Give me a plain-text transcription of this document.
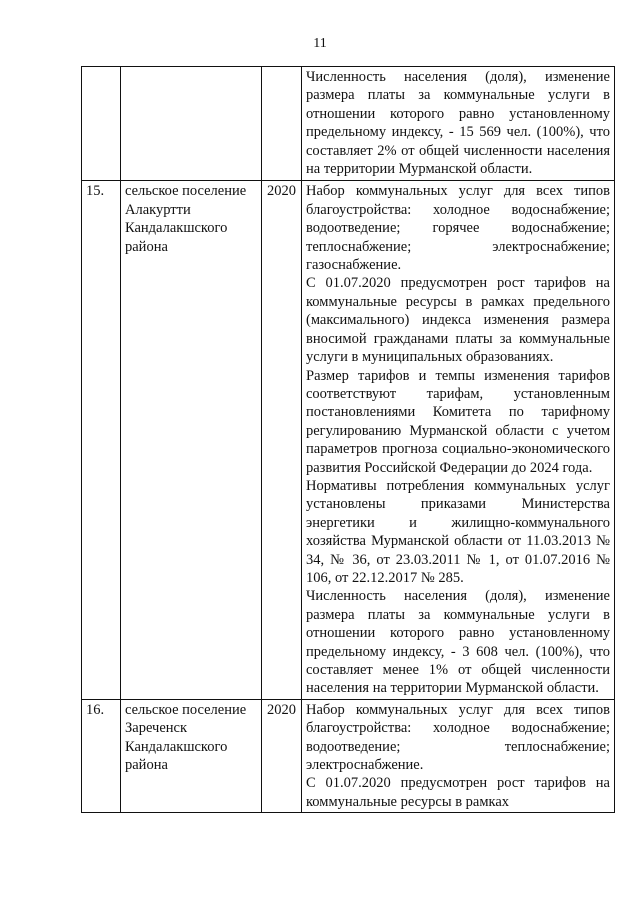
11

			Численность населения (доля), изменение размера платы за коммунальные услуги в отношении которого равно установленному предельному индексу, - 15 569 чел. (100%), что составляет 2% от общей численности населения на территории Мурманской области.

15.	сельское поселение Алакуртти Кандалакшского района	2020	Набор коммунальных услуг для всех типов благоустройства: холодное водоснабжение; водоотведение; горячее водоснабжение; теплоснабжение; электроснабжение; газоснабжение.
С 01.07.2020 предусмотрен рост тарифов на коммунальные ресурсы в рамках предельного (максимального) индекса изменения размера вносимой гражданами платы за коммунальные услуги в муниципальных образованиях.
Размер тарифов и темпы изменения тарифов соответствуют тарифам, установленным постановлениями Комитета по тарифному регулированию Мурманской области с учетом параметров прогноза социально-экономического развития Российской Федерации до 2024 года.
Нормативы потребления коммунальных услуг установлены приказами Министерства энергетики и жилищно-коммунального хозяйства Мурманской области от 11.03.2013 № 34, № 36, от 23.03.2011 № 1, от 01.07.2016 № 106, от 22.12.2017 № 285.
Численность населения (доля), изменение размера платы за коммунальные услуги в отношении которого равно установленному предельному индексу, - 3 608 чел. (100%), что составляет менее 1% от общей численности населения на территории Мурманской области.

16.	сельское поселение Зареченск Кандалакшского района	2020	Набор коммунальных услуг для всех типов благоустройства: холодное водоснабжение; водоотведение; теплоснабжение; электроснабжение.
С 01.07.2020 предусмотрен рост тарифов на коммунальные ресурсы в рамках
